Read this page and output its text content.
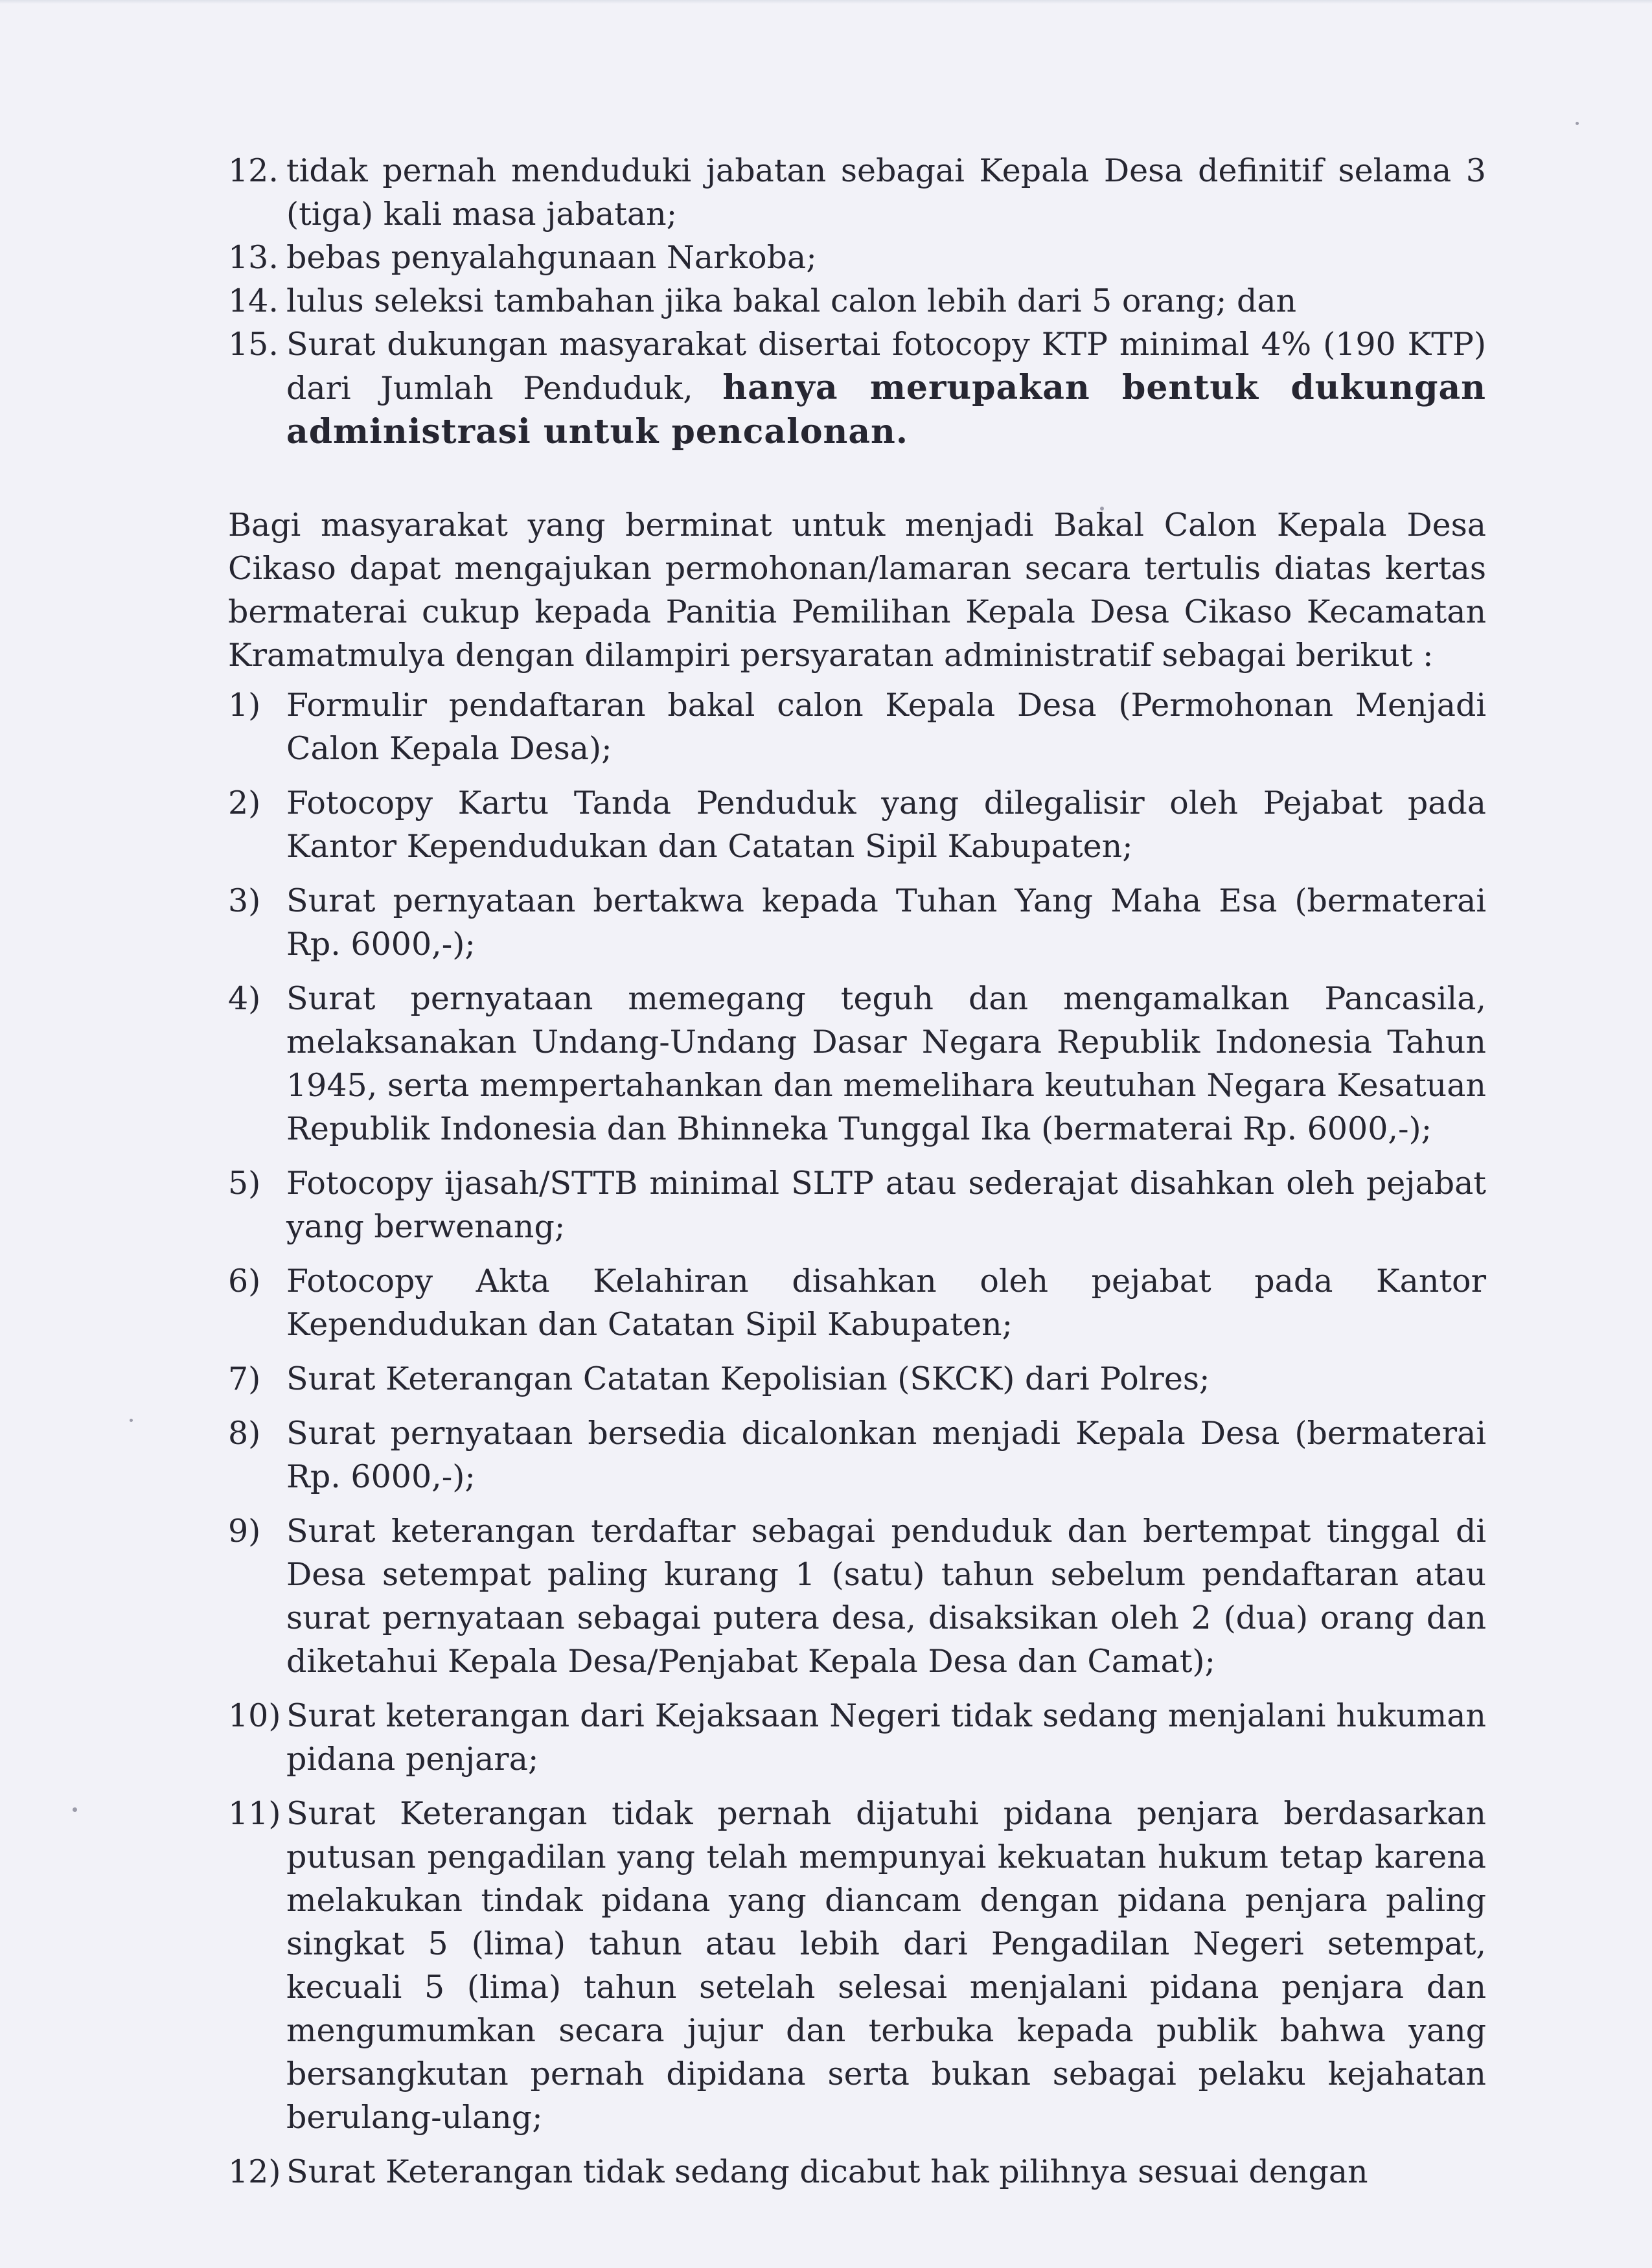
12. tidak pernah menduduki jabatan sebagai Kepala Desa definitif selama 3 (tiga) kali masa jabatan;
13. bebas penyalahgunaan Narkoba;
14. lulus seleksi tambahan jika bakal calon lebih dari 5 orang; dan
15. Surat dukungan masyarakat disertai fotocopy KTP minimal 4% (190 KTP) dari Jumlah Penduduk, hanya merupakan bentuk dukungan administrasi untuk pencalonan.
Bagi masyarakat yang berminat untuk menjadi Bakal Calon Kepala Desa Cikaso dapat mengajukan permohonan/lamaran secara tertulis diatas kertas bermaterai cukup kepada Panitia Pemilihan Kepala Desa Cikaso Kecamatan Kramatmulya dengan dilampiri persyaratan administratif sebagai berikut :
1) Formulir pendaftaran bakal calon Kepala Desa (Permohonan Menjadi Calon Kepala Desa);
2) Fotocopy Kartu Tanda Penduduk yang dilegalisir oleh Pejabat pada Kantor Kependudukan dan Catatan Sipil Kabupaten;
3) Surat pernyataan bertakwa kepada Tuhan Yang Maha Esa (bermaterai Rp. 6000,-);
4) Surat pernyataan memegang teguh dan mengamalkan Pancasila, melaksanakan Undang-Undang Dasar Negara Republik Indonesia Tahun 1945, serta mempertahankan dan memelihara keutuhan Negara Kesatuan Republik Indonesia dan Bhinneka Tunggal Ika (bermaterai Rp. 6000,-);
5) Fotocopy ijasah/STTB minimal SLTP atau sederajat disahkan oleh pejabat yang berwenang;
6) Fotocopy Akta Kelahiran disahkan oleh pejabat pada Kantor Kependudukan dan Catatan Sipil Kabupaten;
7) Surat Keterangan Catatan Kepolisian (SKCK) dari Polres;
8) Surat pernyataan bersedia dicalonkan menjadi Kepala Desa (bermaterai Rp. 6000,-);
9) Surat keterangan terdaftar sebagai penduduk dan bertempat tinggal di Desa setempat paling kurang 1 (satu) tahun sebelum pendaftaran atau surat pernyataan sebagai putera desa, disaksikan oleh 2 (dua) orang dan diketahui Kepala Desa/Penjabat Kepala Desa dan Camat);
10) Surat keterangan dari Kejaksaan Negeri tidak sedang menjalani hukuman pidana penjara;
11) Surat Keterangan tidak pernah dijatuhi pidana penjara berdasarkan putusan pengadilan yang telah mempunyai kekuatan hukum tetap karena melakukan tindak pidana yang diancam dengan pidana penjara paling singkat 5 (lima) tahun atau lebih dari Pengadilan Negeri setempat, kecuali 5 (lima) tahun setelah selesai menjalani pidana penjara dan mengumumkan secara jujur dan terbuka kepada publik bahwa yang bersangkutan pernah dipidana serta bukan sebagai pelaku kejahatan berulang-ulang;
12) Surat Keterangan tidak sedang dicabut hak pilihnya sesuai dengan
